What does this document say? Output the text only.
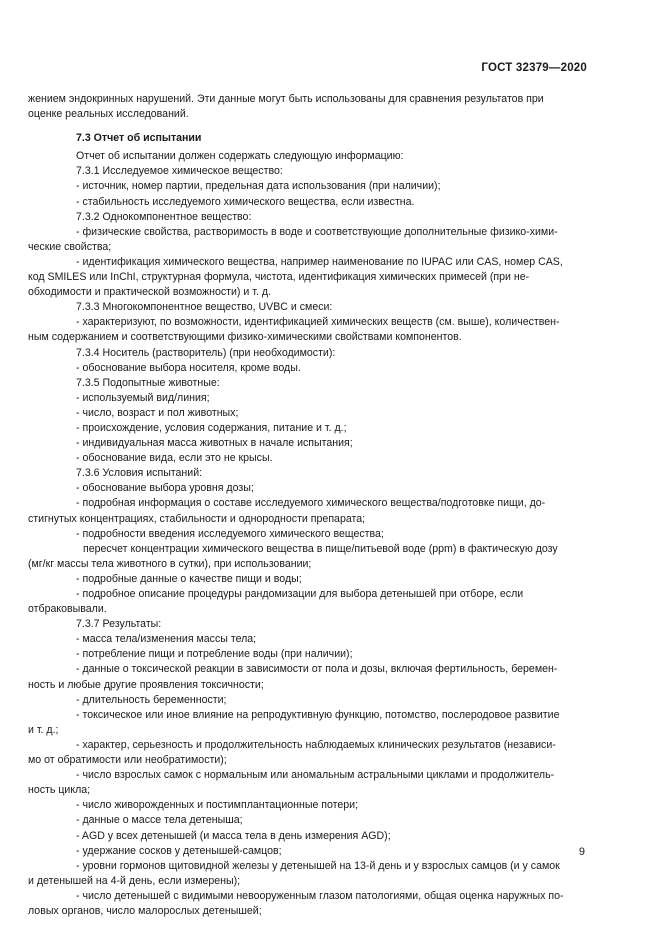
ГОСТ 32379—2020
жением эндокринных нарушений. Эти данные могут быть использованы для сравнения результатов при
оценке реальных исследований.
7.3 Отчет об испытании
Отчет об испытании должен содержать следующую информацию:
7.3.1 Исследуемое химическое вещество:
- источник, номер партии, предельная дата использования (при наличии);
- стабильность исследуемого химического вещества, если известна.
7.3.2 Однокомпонентное вещество:
- физические свойства, растворимость в воде и соответствующие дополнительные физико-хими-
ческие свойства;
- идентификация химического вещества, например наименование по IUPAC или CAS, номер CAS,
код SMILES или InChI, структурная формула, чистота, идентификация химических примесей (при не-
обходимости и практической возможности) и т. д.
7.3.3 Многокомпонентное вещество, UVBC и смеси:
- характеризуют, по возможности, идентификацией химических веществ (см. выше), количествен-
ным содержанием и соответствующими физико-химическими свойствами компонентов.
7.3.4 Носитель (растворитель) (при необходимости):
- обоснование выбора носителя, кроме воды.
7.3.5 Подопытные животные:
- используемый вид/линия;
- число, возраст и пол животных;
- происхождение, условия содержания, питание и т. д.;
- индивидуальная масса животных в начале испытания;
- обоснование вида, если это не крысы.
7.3.6 Условия испытаний:
- обоснование выбора уровня дозы;
- подробная информация о составе исследуемого химического вещества/подготовке пищи, до-
стигнутых концентрациях, стабильности и однородности препарата;
- подробности введения исследуемого химического вещества;
пересчет концентрации химического вещества в пище/питьевой воде (ppm) в фактическую дозу
(мг/кг массы тела животного в сутки), при использовании;
- подробные данные о качестве пищи и воды;
- подробное описание процедуры рандомизации для выбора детенышей при отборе, если
отбраковывали.
7.3.7 Результаты:
- масса тела/изменения массы тела;
- потребление пищи и потребление воды (при наличии);
- данные о токсической реакции в зависимости от пола и дозы, включая фертильность, беремен-
ность и любые другие проявления токсичности;
- длительность беременности;
- токсическое или иное влияние на репродуктивную функцию, потомство, послеродовое развитие
и т. д.;
- характер, серьезность и продолжительность наблюдаемых клинических результатов (независи-
мо от обратимости или необратимости);
- число взрослых самок с нормальным или аномальным астральными циклами и продолжитель-
ность цикла;
- число живорожденных и постимплантационные потери;
- данные о массе тела детеныша;
- AGD у всех детенышей (и масса тела в день измерения AGD);
- удержание сосков у детенышей-самцов;
- уровни гормонов щитовидной железы у детенышей на 13-й день и у взрослых самцов (и у самок
и детенышей на 4-й день, если измерены);
- число детенышей с видимыми невооруженным глазом патологиями, общая оценка наружных по-
ловых органов, число малорослых детенышей;
9
